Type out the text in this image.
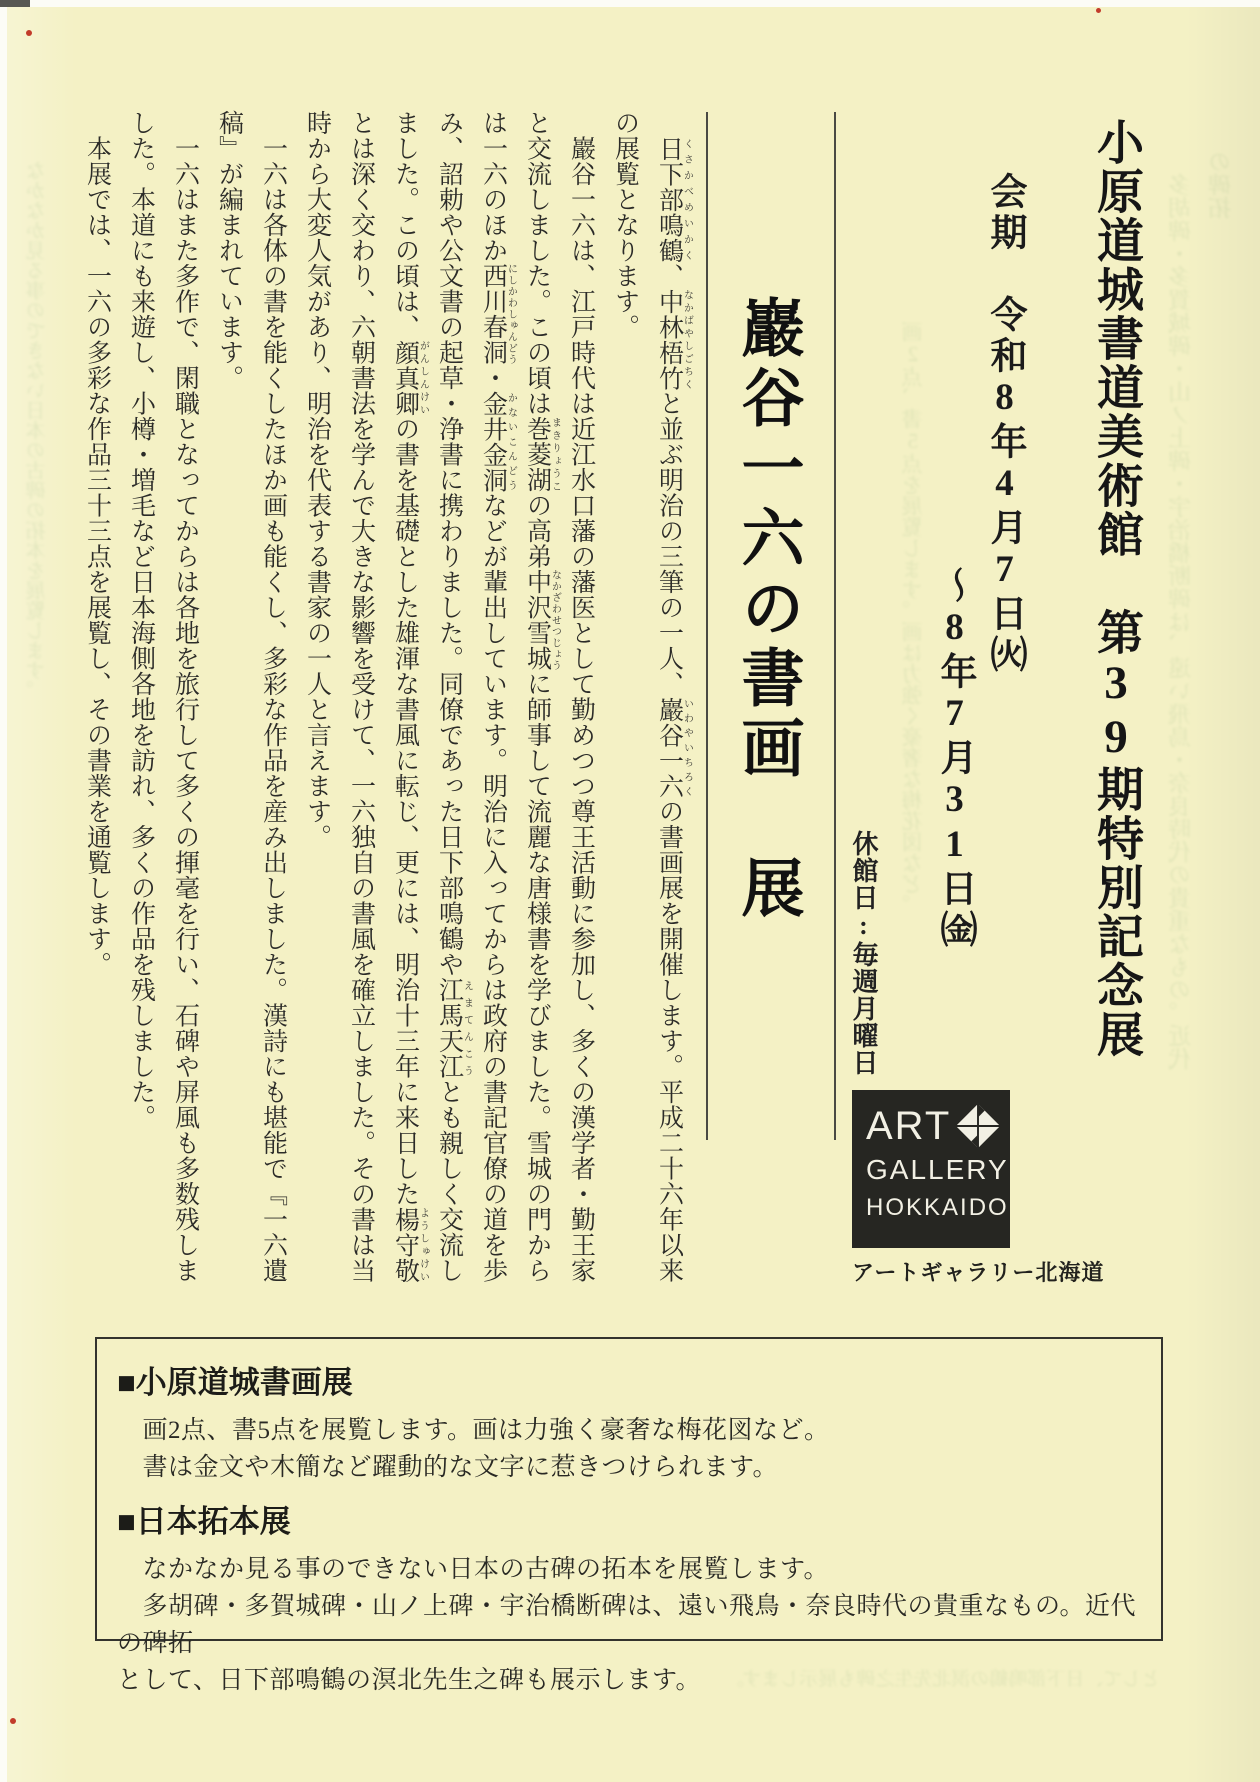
　多胡碑・多賀城碑・山ノ上碑・宇治橋断碑は、遠い飛鳥・奈良時代の貴重なもの。近代の碑拓
　画2点、書5点を展覧します。画は力強く豪奢な梅花図など。
　なかなか見る事のできない日本の古碑の拓本を展覧します。
として、日下部鳴鶴の溟北先生之碑も展示します。
小原道城書道美術館　第39期特別記念展
会期　令和8年4月7日㈫
〜8年7月31日㈮
休館日:毎週月曜日
巖谷一六の書画　展

　日下部鳴鶴 くさかべめいかく、中林梧竹 なかばやしごちくと並ぶ明治の三筆の一人、巖谷一六 いわやいちろくの書画展を開催します。平成二十六年以来の展覧となります。

　巖谷一六は、江戸時代は近江水口藩の藩医として勤めつつ尊王活動に参加し、多くの漢学者・勤王家と交流しました。この頃は巻菱湖 まきりょうこの高弟中沢雪城 なかざわせつじょうに師事して流麗な唐様書を学びました。雪城の門からは一六のほか西川春洞 にしかわしゅんどう・金井金洞 かないこんどうなどが輩出しています。明治に入ってからは政府の書記官僚の道を歩み、詔勅や公文書の起草・浄書に携わりました。同僚であった日下部鳴鶴や江馬天江 えまてんこうとも親しく交流しました。この頃は、顔真卿 がんしんけいの書を基礎とした雄渾な書風に転じ、更には、明治十三年に来日した楊守敬 ようしゅけいとは深く交わり、六朝書法を学んで大きな影響を受けて、一六独自の書風を確立しました。その書は当時から大変人気があり、明治を代表する書家の一人と言えます。

　一六は各体の書を能くしたほか画も能くし、多彩な作品を産み出しました。漢詩にも堪能で『一六遺稿』が編まれています。

　一六はまた多作で、閑職となってからは各地を旅行して多くの揮毫を行い、石碑や屏風も多数残しました。本道にも来遊し、小樽・増毛など日本海側各地を訪れ、多くの作品を残しました。

　本展では、一六の多彩な作品三十三点を展覧し、その書業を通覧します。

ART
GALLERY
HOKKAIDO
アートギャラリー北海道
■小原道城書画展
　画2点、書5点を展覧します。画は力強く豪奢な梅花図など。
　書は金文や木簡など躍動的な文字に惹きつけられます。
■日本拓本展
　なかなか見る事のできない日本の古碑の拓本を展覧します。
　多胡碑・多賀城碑・山ノ上碑・宇治橋断碑は、遠い飛鳥・奈良時代の貴重なもの。近代の碑拓
として、日下部鳴鶴の溟北先生之碑も展示します。
